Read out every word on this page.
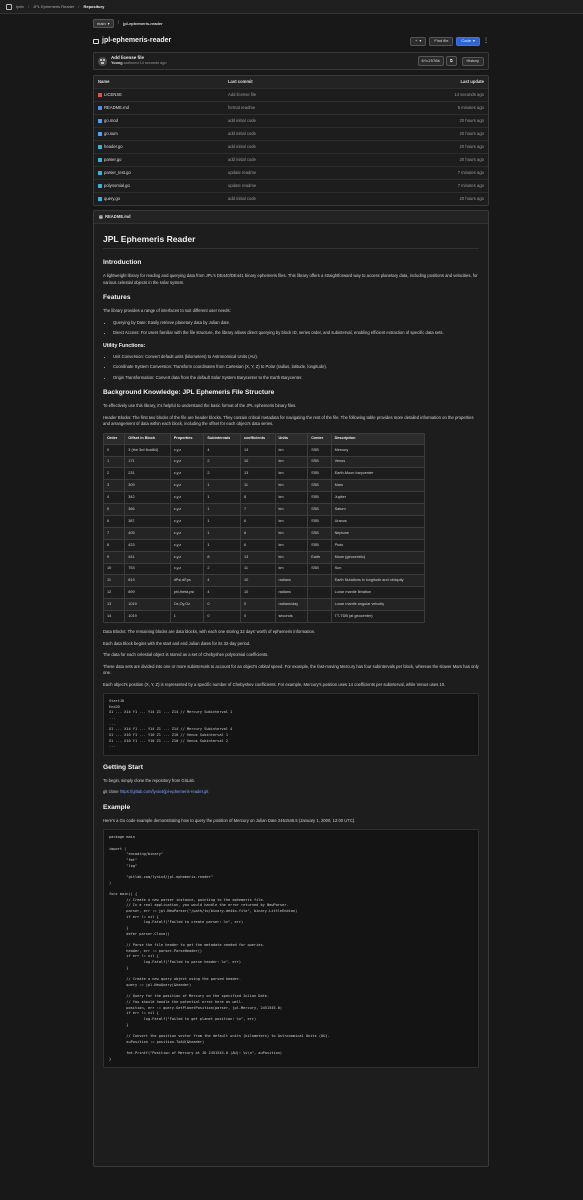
lynix / JPL Ephemeris Reader / Repository
main ▾ / jpl-ephemeris-reader
jpl-ephemeris-reader	+ ▾	Find file	Code ▾ ⋮
Add license file
Young authored 14 seconds ago
6fc2576b	⧉	History
Name	Last commit	Last update
LICENSE	Add license file	14 seconds ago
README.md	format readme	5 minutes ago
go.mod	add initial code	20 hours ago
go.sum	add initial code	20 hours ago
header.go	add initial code	20 hours ago
parser.go	add initial code	20 hours ago
parser_test.go	update readme	7 minutes ago
polynomial.go	update readme	7 minutes ago
query.go	add initial code	20 hours ago
▤ README.md
JPL Ephemeris Reader
Introduction

A lightweight library for reading and querying data from JPL's DE440/DE441 binary ephemeris files. This library offers a straightforward way to access planetary data, including positions and velocities, for various celestial objects in the solar system.

Features

The library provides a range of interfaces to suit different user needs:

• Querying by Date: Easily retrieve planetary data by Julian date.
• Direct Access: For users familiar with the file structure, the library allows direct querying by block ID, series order, and subinterval, enabling efficient extraction of specific data sets.
Utility Functions:
• Unit Conversion: Convert default units (kilometers) to Astronomical Units (AU).
• Coordinate System Conversion: Transform coordinates from Cartesian (X, Y, Z) to Polar (radius, latitude, longitude).
• Origin Transformation: Convert data from the default Solar System Barycenter to the Earth Barycenter.
Background Knowledge: JPL Ephemeris File Structure

To effectively use this library, it's helpful to understand the basic format of the JPL ephemeris binary files.

Header Blocks: The first two blocks of the file are header blocks. They contain critical metadata for navigating the rest of the file. The following table provides more detailed information on the properties and arrangement of data within each block, including the offset for each object's data series.

Order	Offset in Block	Properties	Subintervals	coefficients	Units	Center	Description
0	3 (the 3rd float64)	x,y,z	4	14	km	SSB	Mercury
1	171	x,y,z	2	10	km	SSB	Venus
2	231	x,y,z	2	13	km	SSB	Earth-Moon barycenter
3	309	x,y,z	1	11	km	SSB	Mars
4	342	x,y,z	1	8	km	SSB	Jupiter
5	366	x,y,z	1	7	km	SSB	Saturn
6	387	x,y,z	1	6	km	SSB	Uranus
7	405	x,y,z	1	6	km	SSB	Neptune
8	423	x,y,z	1	6	km	SSB	Pluto
9	441	x,y,z	8	13	km	Earth	Moon (geocentric)
10	753	x,y,z	2	11	km	SSB	Sun
11	819	dPsi,dEps	4	10	radians		Earth Nutations in longitude and obliquity
12	899	phi,theta,psi	4	10	radians		Lunar mantle libration
13	1019	Ox,Oy,Oz	0	0	radians/day		Lunar mantle angular velocity
14	1019	1	0	0	seconds		TT-TDB (at geocenter)

Data Blocks: The remaining blocks are data blocks, with each one storing 32 days' worth of ephemeris information.

Each data block begins with the start and end Julian dates for its 32-day period.

The data for each celestial object is stored as a set of Chebyshev polynomial coefficients.

These data sets are divided into one or more subintervals to account for an object's orbital speed. For example, the fast-moving Mercury has four subintervals per block, whereas the slower Mars has only one.

Each object's position (X, Y, Z) is represented by a specific number of Chebyshev coefficients. For example, Mercury's position uses 14 coefficients per subinterval, while Venus uses 10.

StartJD
EndJD
X1 ... X14 Y1 ... Y14 Z1 ... Z14 // Mercury Subinterval 1
...
...
X1 ... X14 Y1 ... Y14 Z1 ... Z14 // Mercury Subinterval 4
X1 ... X10 Y1 ... Y10 Z1 ... Z10 // Venus Subinterval 1
X1 ... X10 Y1 ... Y10 Z1 ... Z10 // Venus Subinterval 2
...
Getting Start

To begin, simply clone the repository from GitLab.

git clone https://gitlab.com/lynix4/jpl-ephemeris-reader.git

Example

Here's a Go code example demonstrating how to query the position of Mercury on Julian Date 2451545.5 (January 1, 2000, 12:00 UTC).

package main

import (
"encoding/binary"
"fmt"
"log"

"gitlab.com/lynix4/jpl-ephemeris-reader"
)

func main() {
// Create a new parser instance, pointing to the ephemeris file.
// In a real application, you would handle the error returned by NewParser.
parser, err := jpl.NewParser("/path/to/binary-de44x-file", binary.LittleEndian)
if err != nil {
log.Fatalf("Failed to create parser: %v", err)
}
defer parser.Close()

// Parse the file header to get the metadata needed for queries.
header, err := parser.ParseHeader()
if err != nil {
log.Fatalf("Failed to parse header: %v", err)
}

// Create a new query object using the parsed header.
query := jpl.NewQuery(&header)

// Query for the position of Mercury on the specified Julian Date.
// You should handle the potential error here as well.
position, err := query.GetPlanetPosition(parser, jpl.Mercury, 2451545.0)
if err != nil {
log.Fatalf("Failed to get planet position: %v", err)
}

// Convert the position vector from the default units (kilometers) to Astronomical Units (AU).
auPosition := position.ToAU(&header)

fmt.Printf("Position of Mercury at JD 2451545.0 (AU): %v\n", auPosition)
}
